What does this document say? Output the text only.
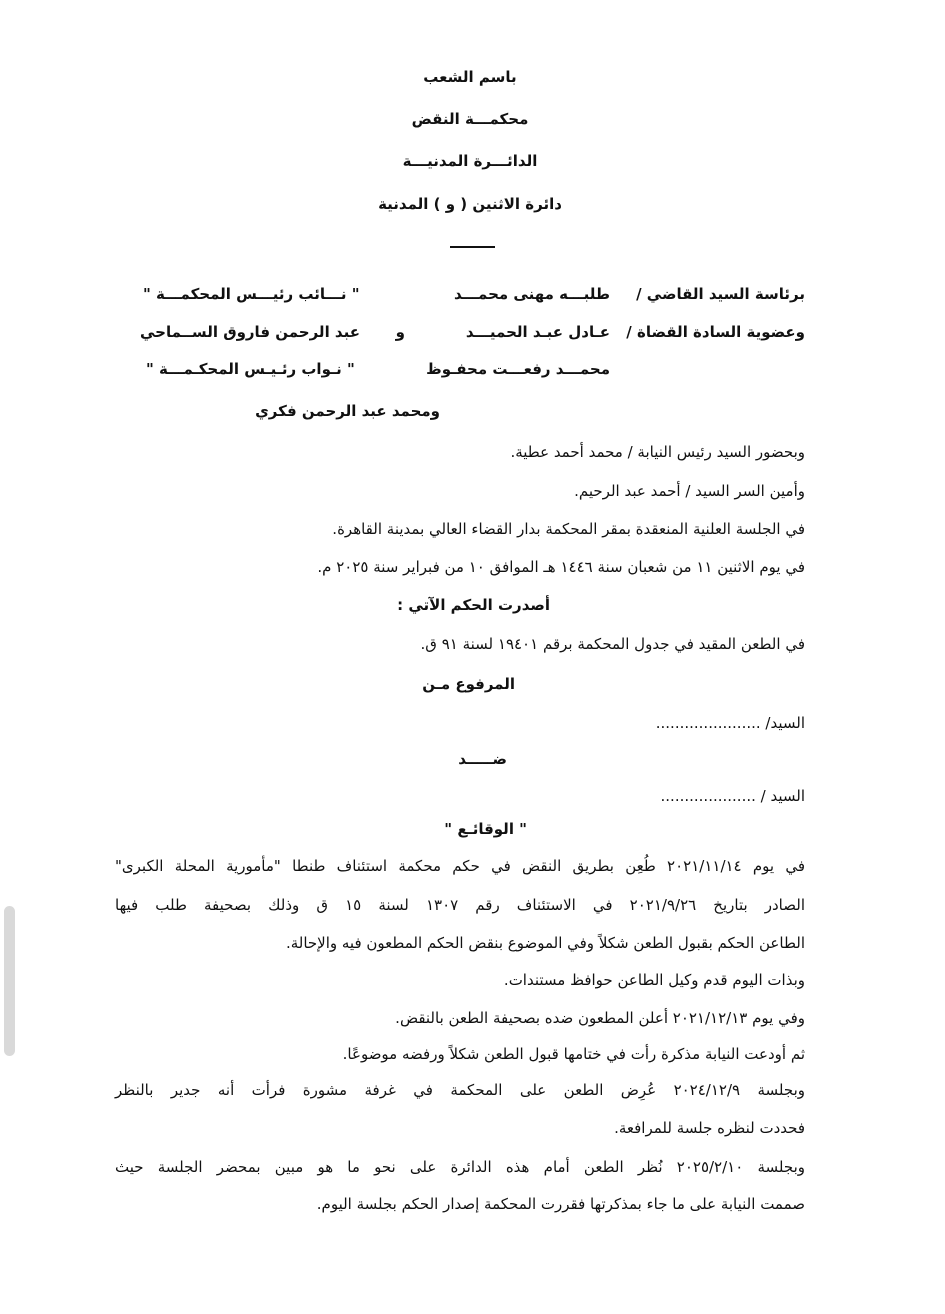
باسم الشعب
محكمـــة النقض
الدائـــرة المدنيـــة
دائرة الاثنين ( و ) المدنية
برئاسة السيد القاضي /
طلبـــه مهنى محمـــد
" نـــائب رئيـــس المحكمـــة "
وعضوية السادة القضاة /
عـادل عبـد الحميـــد
و
عبد الرحمن فاروق الســماحي
محمـــد رفعـــت محفـوظ
" نـواب رئـيـس المحكـمـــة "
ومحمد عبد الرحمن فكري
وبحضور السيد رئيس النيابة / محمد أحمد عطية.
وأمين السر السيد / أحمد عبد الرحيم.
في الجلسة العلنية المنعقدة بمقر المحكمة بدار القضاء العالي بمدينة القاهرة.
في يوم الاثنين ١١ من شعبان سنة ١٤٤٦ هـ الموافق ١٠ من فبراير سنة ٢٠٢٥ م.
أصدرت الحكم الآتي :
في الطعن المقيد في جدول المحكمة برقم ١٩٤٠١ لسنة ٩١ ق.
المرفوع مـن
السيد/ ......................
ضـــــد
السيد / ....................
" الوقائـع "
في يوم ٢٠٢١/١١/١٤ طُعِن بطريق النقض في حكم محكمة استئناف طنطا "مأمورية المحلة الكبرى"
الصادر بتاريخ ٢٠٢١/٩/٢٦ في الاستئناف رقم ١٣٠٧ لسنة ١٥ ق وذلك بصحيفة طلب فيها
الطاعن الحكم بقبول الطعن شكلاً وفي الموضوع بنقض الحكم المطعون فيه والإحالة.
وبذات اليوم قدم وكيل الطاعن حوافظ مستندات.
وفي يوم ٢٠٢١/١٢/١٣ أعلن المطعون ضده بصحيفة الطعن بالنقض.
ثم أودعت النيابة مذكرة رأت في ختامها قبول الطعن شكلاً ورفضه موضوعًا.
وبجلسة ٢٠٢٤/١٢/٩ عُرِض الطعن على المحكمة في غرفة مشورة فرأت أنه جدير بالنظر
فحددت لنظره جلسة للمرافعة.
وبجلسة ٢٠٢٥/٢/١٠ نُظر الطعن أمام هذه الدائرة على نحو ما هو مبين بمحضر الجلسة حيث
صممت النيابة على ما جاء بمذكرتها فقررت المحكمة إصدار الحكم بجلسة اليوم.
